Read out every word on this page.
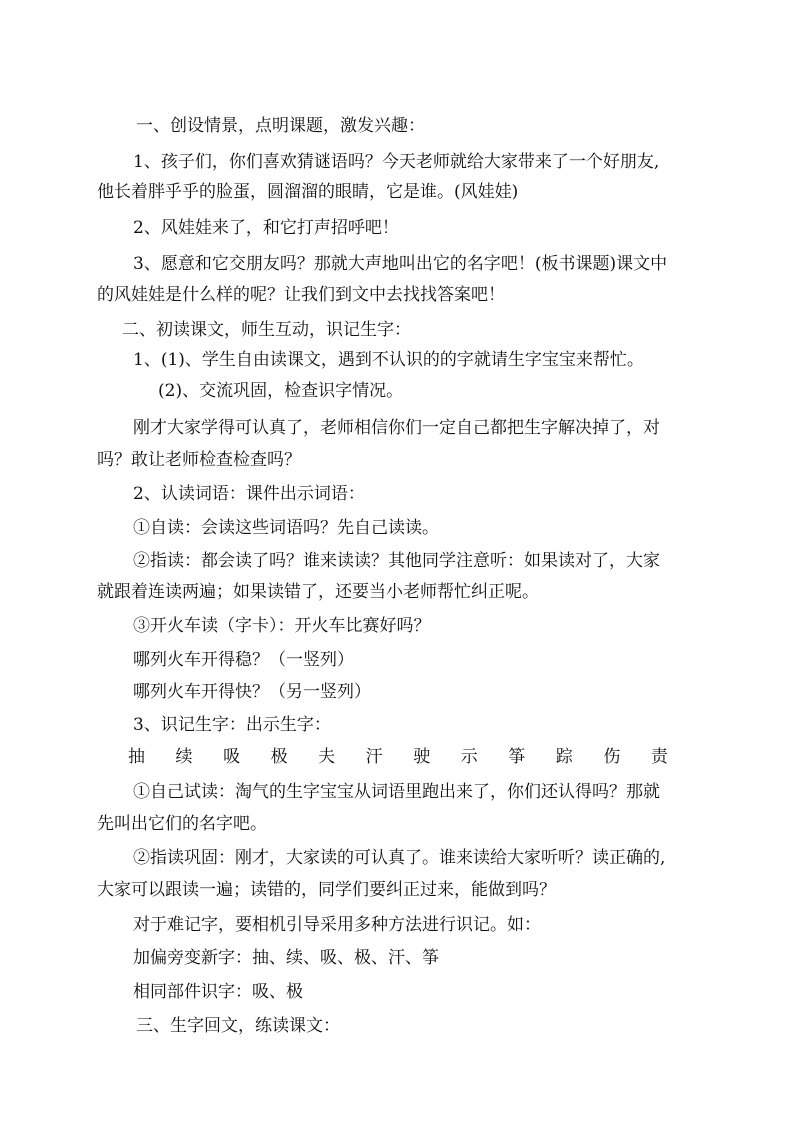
一、创设情景，点明课题，激发兴趣：
1、孩子们，你们喜欢猜谜语吗？今天老师就给大家带来了一个好朋友,
他长着胖乎乎的脸蛋，圆溜溜的眼睛，它是谁。(风娃娃)
2、风娃娃来了，和它打声招呼吧！
3、愿意和它交朋友吗？那就大声地叫出它的名字吧！(板书课题)课文中
的风娃娃是什么样的呢？让我们到文中去找找答案吧！
二、初读课文，师生互动，识记生字：
1、(1)、学生自由读课文，遇到不认识的的字就请生字宝宝来帮忙。
(2)、交流巩固，检查识字情况。
刚才大家学得可认真了，老师相信你们一定自己都把生字解决掉了，对
吗？敢让老师检查检查吗？
2、认读词语：课件出示词语：
①自读：会读这些词语吗？先自己读读。
②指读：都会读了吗？谁来读读？其他同学注意听：如果读对了，大家
就跟着连读两遍；如果读错了，还要当小老师帮忙纠正呢。
③开火车读（字卡）：开火车比赛好吗？
哪列火车开得稳？（一竖列）
哪列火车开得快？（另一竖列）
3、识记生字：出示生字：
抽 续 吸 极 夫 汗 驶 示 筝 踪 伤 责
①自己试读：淘气的生字宝宝从词语里跑出来了，你们还认得吗？那就
先叫出它们的名字吧。
②指读巩固：刚才，大家读的可认真了。谁来读给大家听听？读正确的,
大家可以跟读一遍；读错的，同学们要纠正过来，能做到吗？
对于难记字，要相机引导采用多种方法进行识记。如：
加偏旁变新字：抽、续、吸、极、汗、筝
相同部件识字：吸、极
三、生字回文，练读课文：
